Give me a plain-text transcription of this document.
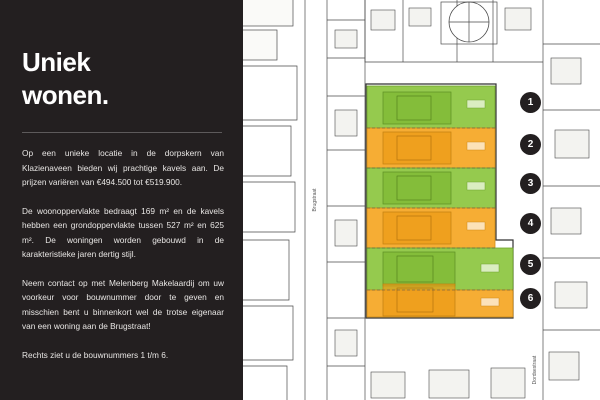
Uniek
wonen.

Op een unieke locatie in de dorpskern van Klazienaveen bieden wij prachtige kavels aan. De prijzen variëren van €494.500 tot €519.900.

De woonoppervlakte bedraagt 169 m² en de kavels hebben een grondoppervlakte tussen 527 m² en 625 m². De woningen worden gebouwd in de karakteristieke jaren dertig stijl.

Neem contact op met Melenberg Makelaardij om uw voorkeur voor bouwnummer door te geven en misschien bent u binnenkort wel de trotse eigenaar van een woning aan de Brugstraat!

Rechts ziet u de bouwnummers 1 t/m 6.

Brugstraat
Dordsestraat
1
2
3
4
5
6
